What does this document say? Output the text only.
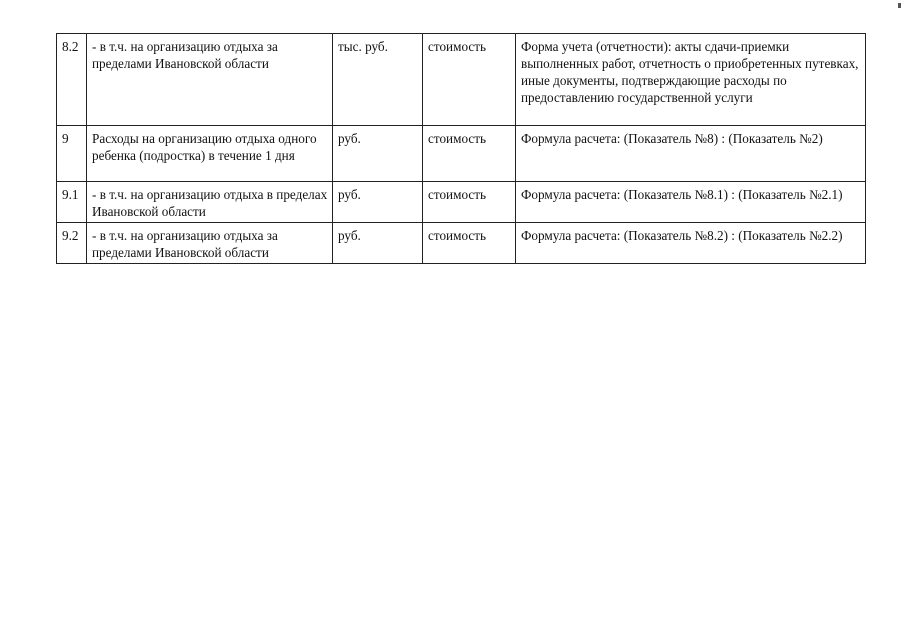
8.2	- в т.ч. на организацию отдыха за пределами Ивановской области	тыс. руб.	стоимость	Форма учета (отчетности): акты сдачи-приемки выполненных работ, отчетность о приобретенных путевках, иные документы, подтверждающие расходы по предоставлению государственной услуги
9	Расходы на организацию отдыха одного ребенка (подростка) в течение 1 дня	руб.	стоимость	Формула расчета: (Показатель №8) : (Показатель №2)
9.1	- в т.ч. на организацию отдыха в пределах Ивановской области	руб.	стоимость	Формула расчета: (Показатель №8.1) : (Показатель №2.1)
9.2	- в т.ч. на организацию отдыха за пределами Ивановской области	руб.	стоимость	Формула расчета: (Показатель №8.2) : (Показатель №2.2)
